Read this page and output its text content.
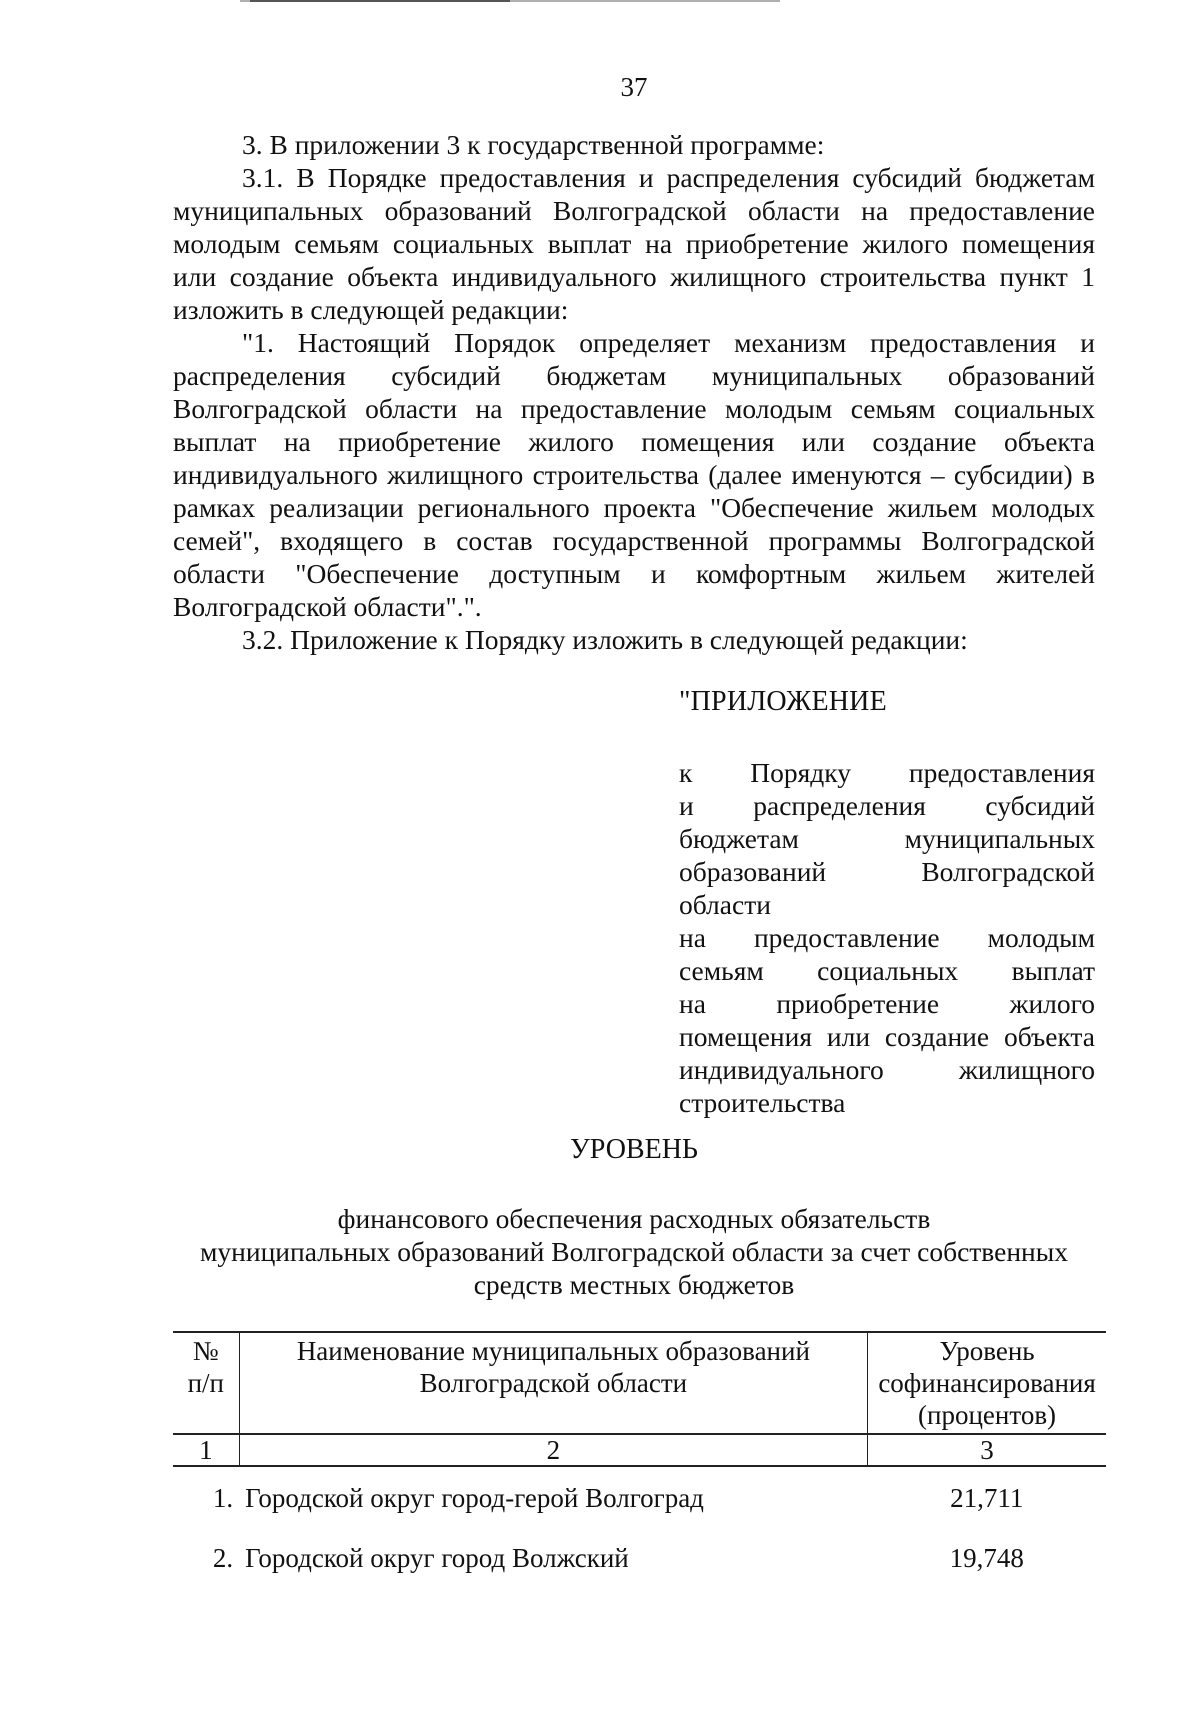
37

3. В приложении 3 к государственной программе:

3.1. В Порядке предоставления и распределения субсидий бюджетам муниципальных образований Волгоградской области на предоставление молодым семьям социальных выплат на приобретение жилого помещения или создание объекта индивидуального жилищного строительства пункт 1 изложить в следующей редакции:

"1. Настоящий Порядок определяет механизм предоставления и распределения субсидий бюджетам муниципальных образований Волгоградской области на предоставление молодым семьям социальных выплат на приобретение жилого помещения или создание объекта индивидуального жилищного строительства (далее именуются – субсидии) в рамках реализации регионального проекта "Обеспечение жильем молодых семей", входящего в состав государственной программы Волгоградской области "Обеспечение доступным и комфортным жильем жителей Волгоградской области".".

3.2. Приложение к Порядку изложить в следующей редакции:

"ПРИЛОЖЕНИЕ
к Порядку предоставления
и распределения субсидий
бюджетам муниципальных
образований Волгоградской области
на предоставление молодым
семьям социальных выплат
на приобретение жилого
помещения или создание объекта
индивидуального жилищного
строительства
УРОВЕНЬ
финансового обеспечения расходных обязательств
муниципальных образований Волгоградской области за счет собственных
средств местных бюджетов
№ п/п	Наименование муниципальных образований Волгоградской области	Уровень софинансирования (процентов)
1	2	3
1.	Городской округ город-герой Волгоград	21,711
2.	Городской округ город Волжский	19,748
